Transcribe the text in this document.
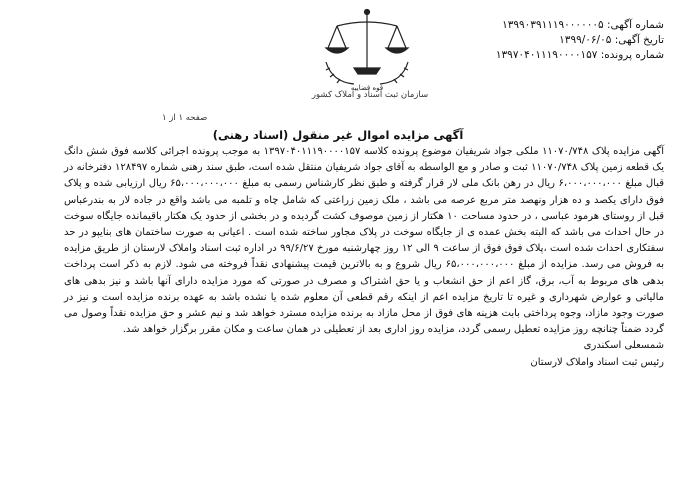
شماره آگهی: ۱۳۹۹۰۳۹۱۱۱۹۰۰۰۰۰۰۵
تاریخ آگهی: ۱۳۹۹/۰۶/۰۵
شماره پرونده: ۱۳۹۷۰۴۰۱۱۱۹۰۰۰۰۱۵۷
قوه قضاییه
سازمان ثبت اسناد و املاک کشور
صفحه ۱ از ۱
آگهی مزایده اموال غیر منقول (اسناد رهنی)

آگهی مزایده پلاک ۱۱۰۷۰/۷۴۸ ملکی جواد شریفیان موضوع پرونده کلاسه ۱۳۹۷۰۴۰۱۱۱۹۰۰۰۰۱۵۷ به موجب پرونده اجرائی کلاسه فوق شش دانگ یک قطعه زمین پلاک ۱۱۰۷۰/۷۴۸ ثبت و صادر و مع الواسطه به آقای جواد شریفیان منتقل شده است، طبق سند رهنی شماره ۱۲۸۴۹۷ دفترخانه در قبال مبلغ ۶،۰۰۰،۰۰۰،۰۰۰ ریال در رهن بانک ملی لار قرار گرفته و طبق نظر کارشناس رسمی به مبلغ ۶۵،۰۰۰،۰۰۰،۰۰۰ ریال ارزیابی شده و پلاک فوق دارای یکصد و ده هزار ونهصد متر مربع عرصه می باشد ، ملک زمین زراعتی که شامل چاه و تلمبه می باشد واقع در جاده لار به بندرعباس قبل از روستای هرمود عباسی ، در حدود مساحت ۱۰ هکتار از زمین موصوف کشت گردیده و در بخشی از حدود یک هکتار باقیمانده جایگاه سوخت در حال احداث می باشد که البته بخش عمده ی از جایگاه سوخت در پلاک مجاور ساخته شده است . اعیانی به صورت ساختمان های بنایپو در حد سفتکاری احداث شده است ،پلاک فوق فوق از ساعت ۹ الی ۱۲ روز چهارشنبه مورخ ۹۹/۶/۲۷ در اداره ثبت اسناد واملاک لارستان از طریق مزایده به فروش می رسد. مزایده از مبلغ ۶۵،۰۰۰،۰۰۰،۰۰۰ ریال شروع و به بالاترین قیمت پیشنهادی نقداً فروخته می شود. لازم به ذکر است پرداخت بدهی های مربوط به آب، برق، گاز اعم از حق انشعاب و یا حق اشتراک و مصرف در صورتی که مورد مزایده دارای آنها باشد و نیز بدهی های مالیاتی و عوارض شهرداری و غیره تا تاریخ مزایده اعم از اینکه رقم قطعی آن معلوم شده یا نشده باشد به عهده برنده مزایده است و نیز در صورت وجود مازاد، وجوه پرداختی بابت هزینه های فوق از محل مازاد به برنده مزایده مسترد خواهد شد و نیم عشر و حق مزایده نقداً وصول می گردد ضمناً چنانچه روز مزایده تعطیل رسمی گردد، مزایده روز اداری بعد از تعطیلی در همان ساعت و مکان مقرر برگزار خواهد شد.

شمسعلی اسکندری
رئیس ثبت اسناد واملاک لارستان
